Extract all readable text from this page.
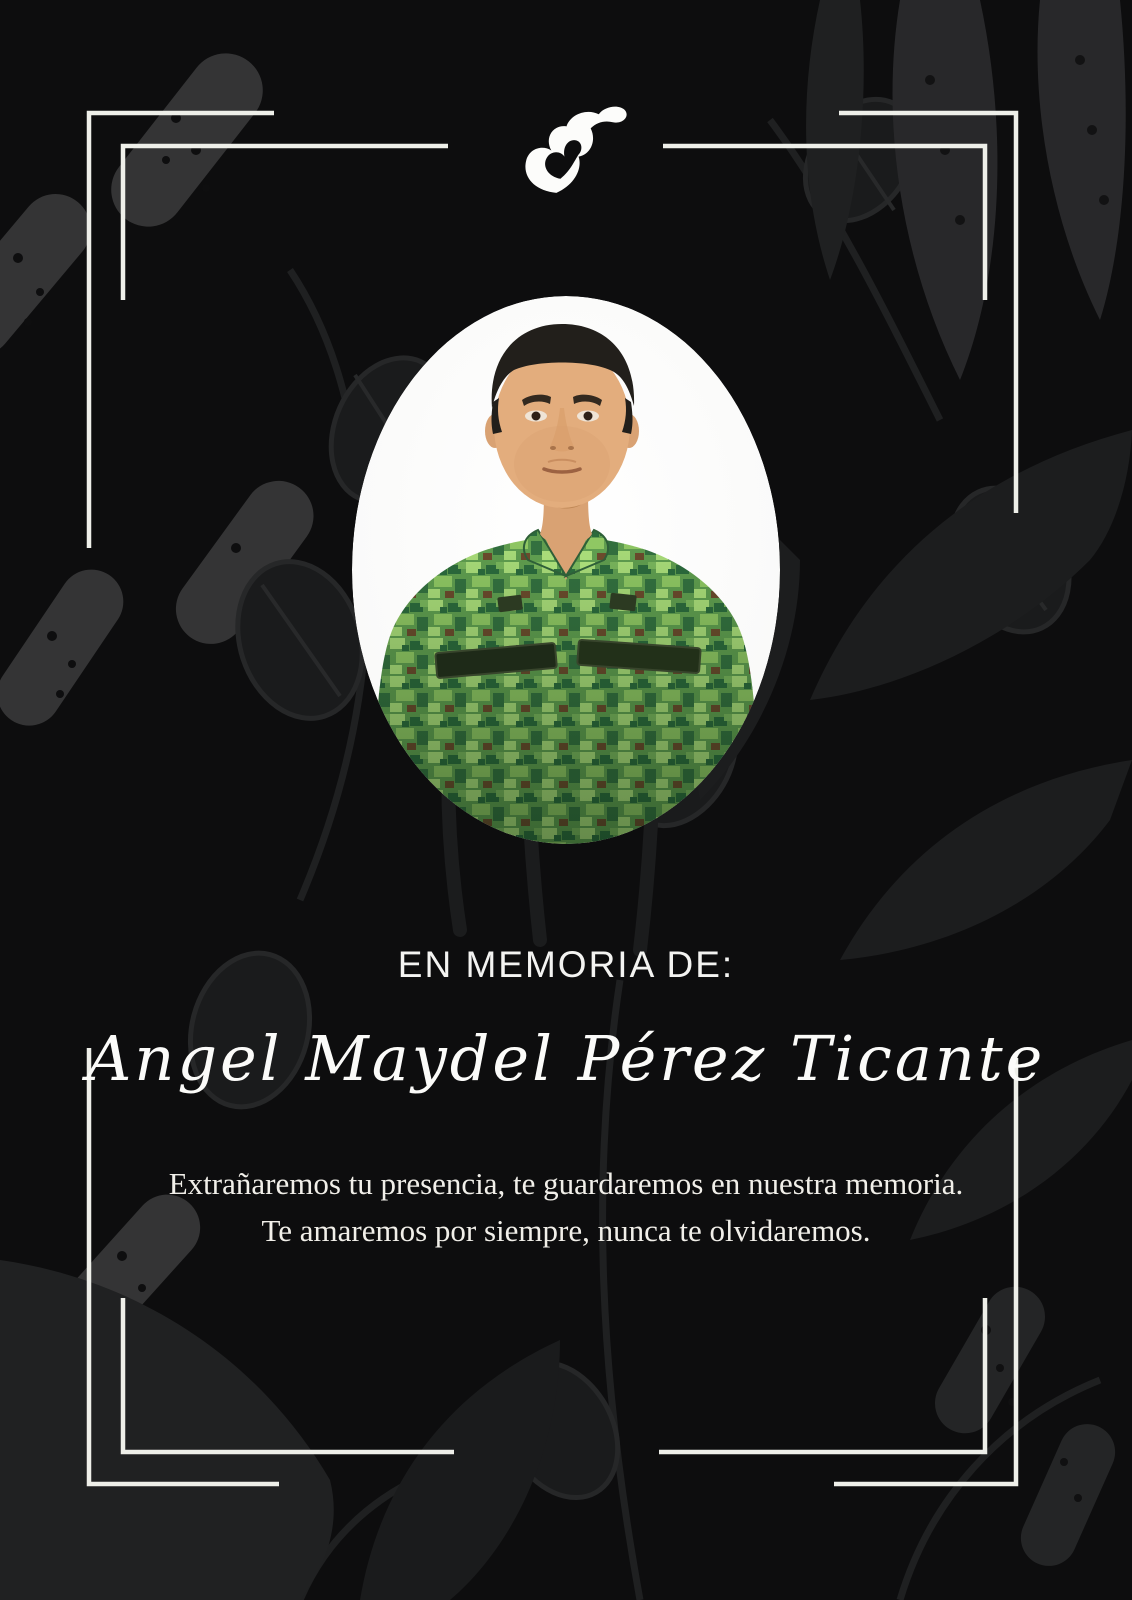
EN MEMORIA DE:
Angel Maydel Pérez Ticante

Extrañaremos tu presencia, te guardaremos en nuestra memoria.

Te amaremos por siempre, nunca te olvidaremos.
